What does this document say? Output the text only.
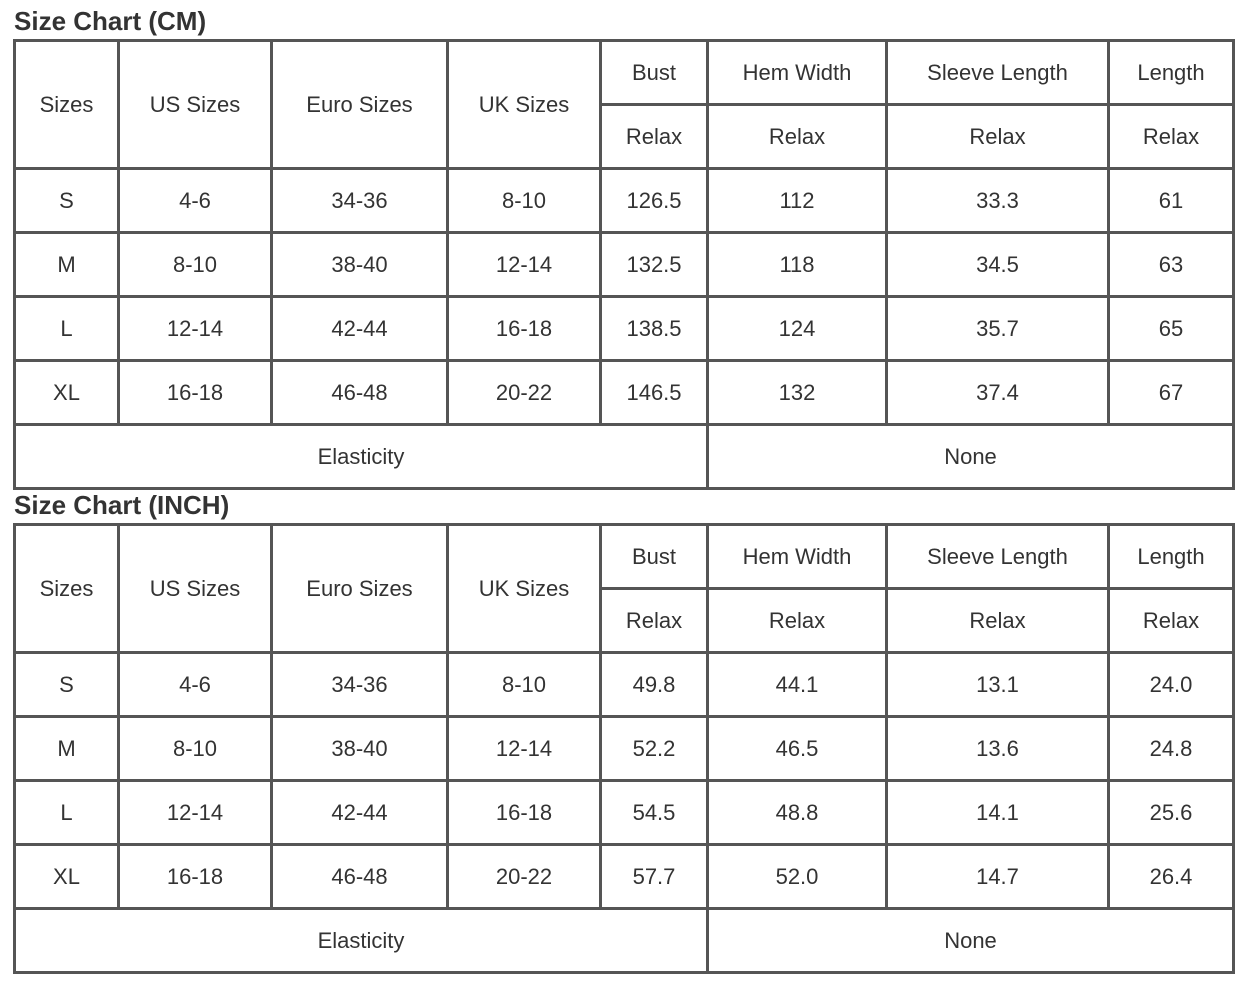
Size Chart (CM)
Sizes	US Sizes	Euro Sizes	UK Sizes	Bust	Hem Width	Sleeve Length	Length
				Relax	Relax	Relax	Relax
S	4-6	34-36	8-10	126.5	112	33.3	61
M	8-10	38-40	12-14	132.5	118	34.5	63
L	12-14	42-44	16-18	138.5	124	35.7	65
XL	16-18	46-48	20-22	146.5	132	37.4	67
Elasticity					None		
Size Chart (INCH)
Sizes	US Sizes	Euro Sizes	UK Sizes	Bust	Hem Width	Sleeve Length	Length
				Relax	Relax	Relax	Relax
S	4-6	34-36	8-10	49.8	44.1	13.1	24.0
M	8-10	38-40	12-14	52.2	46.5	13.6	24.8
L	12-14	42-44	16-18	54.5	48.8	14.1	25.6
XL	16-18	46-48	20-22	57.7	52.0	14.7	26.4
Elasticity					None		
